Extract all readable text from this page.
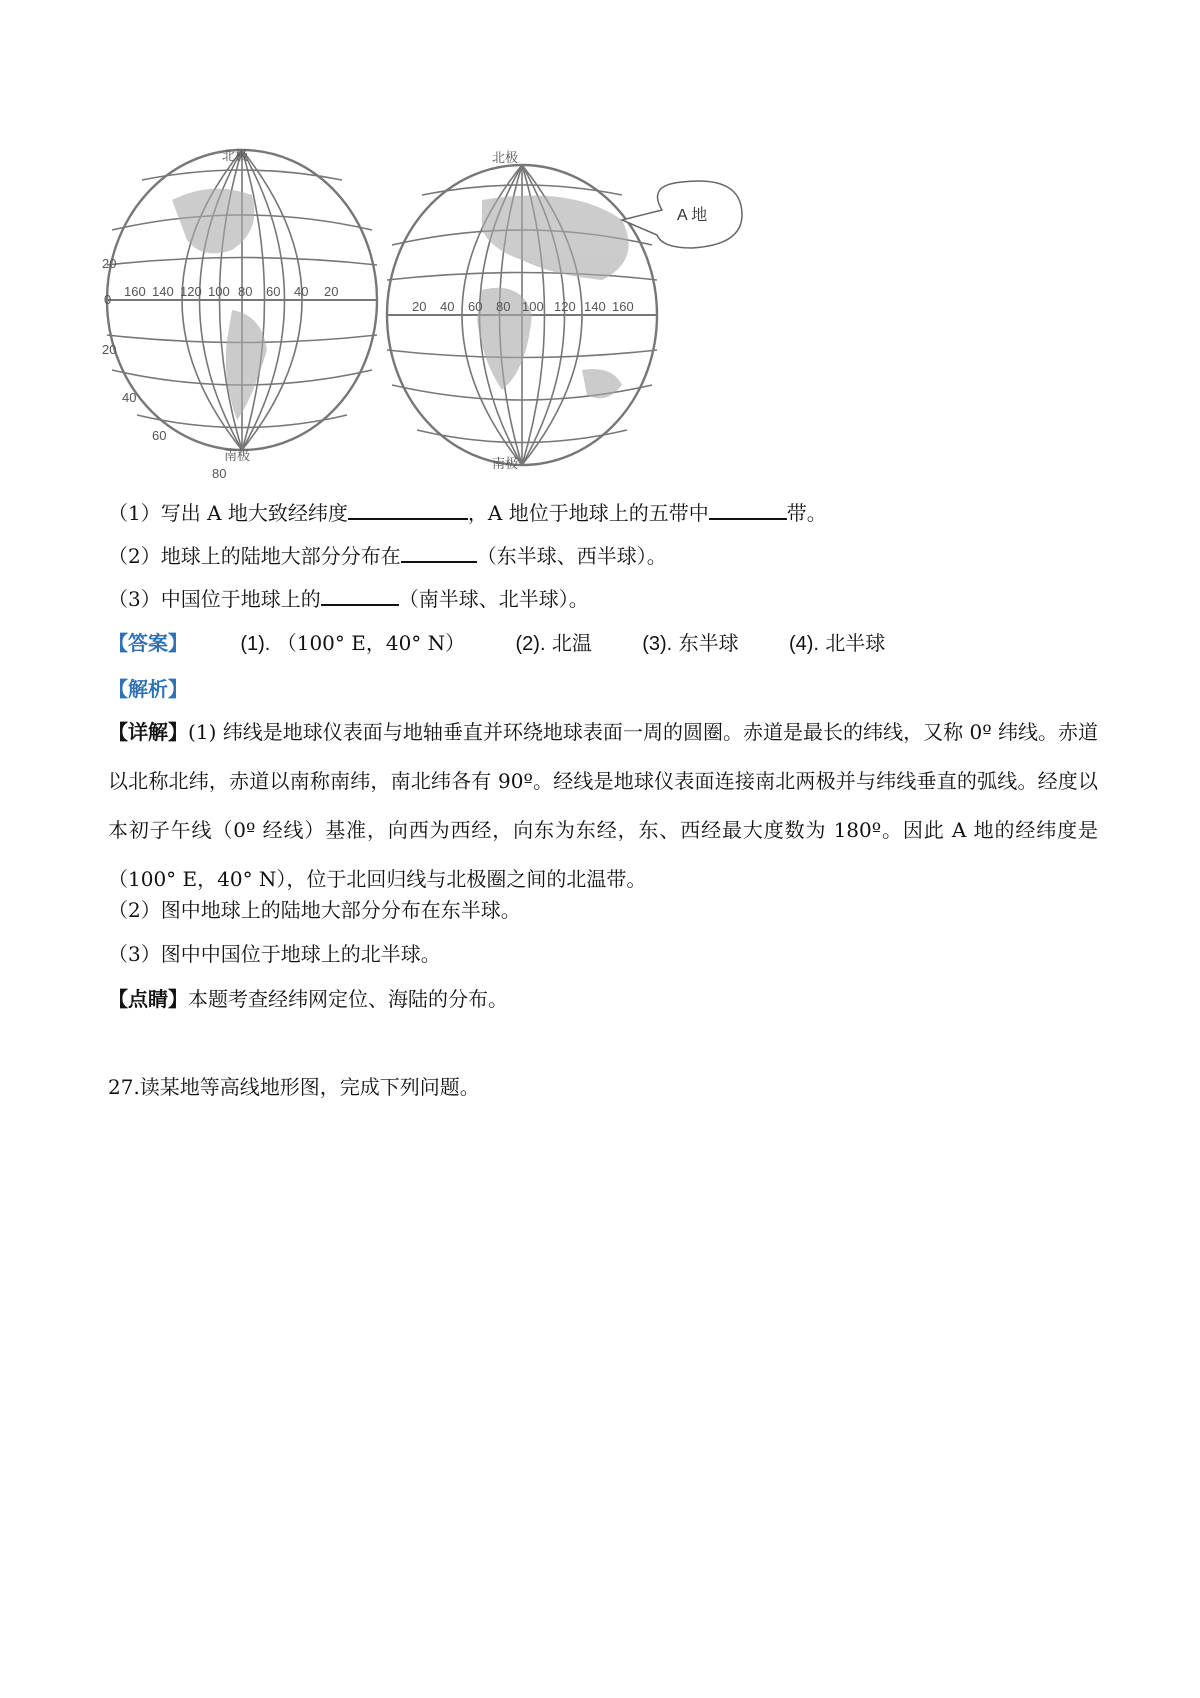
北极	北极
南极
南极
20
0
20
40
60
80
160 140 120 100 80 60 40 20
20 40 60 80 100 120 140 160
A 地
（1）写出 A 地大致经纬度	，A 地位于地球上的五带中	带。
（2）地球上的陆地大部分分布在	（东半球、西半球）。
（3）中国位于地球上的	（南半球、北半球）。
【答案】	(1). （100° E，40° N）	(2). 北温	(3). 东半球	(4). 北半球
【解析】
【详解】(1) 纬线是地球仪表面与地轴垂直并环绕地球表面一周的圆圈。赤道是最长的纬线，又称 0º 纬线。赤道以北称北纬，赤道以南称南纬，南北纬各有 90º。经线是地球仪表面连接南北两极并与纬线垂直的弧线。经度以本初子午线（0º 经线）基准，向西为西经，向东为东经，东、西经最大度数为 180º。因此 A 地的经纬度是（100° E，40° N），位于北回归线与北极圈之间的北温带。
（2）图中地球上的陆地大部分分布在东半球。
（3）图中中国位于地球上的北半球。
【点睛】本题考查经纬网定位、海陆的分布。
27.读某地等高线地形图，完成下列问题。
